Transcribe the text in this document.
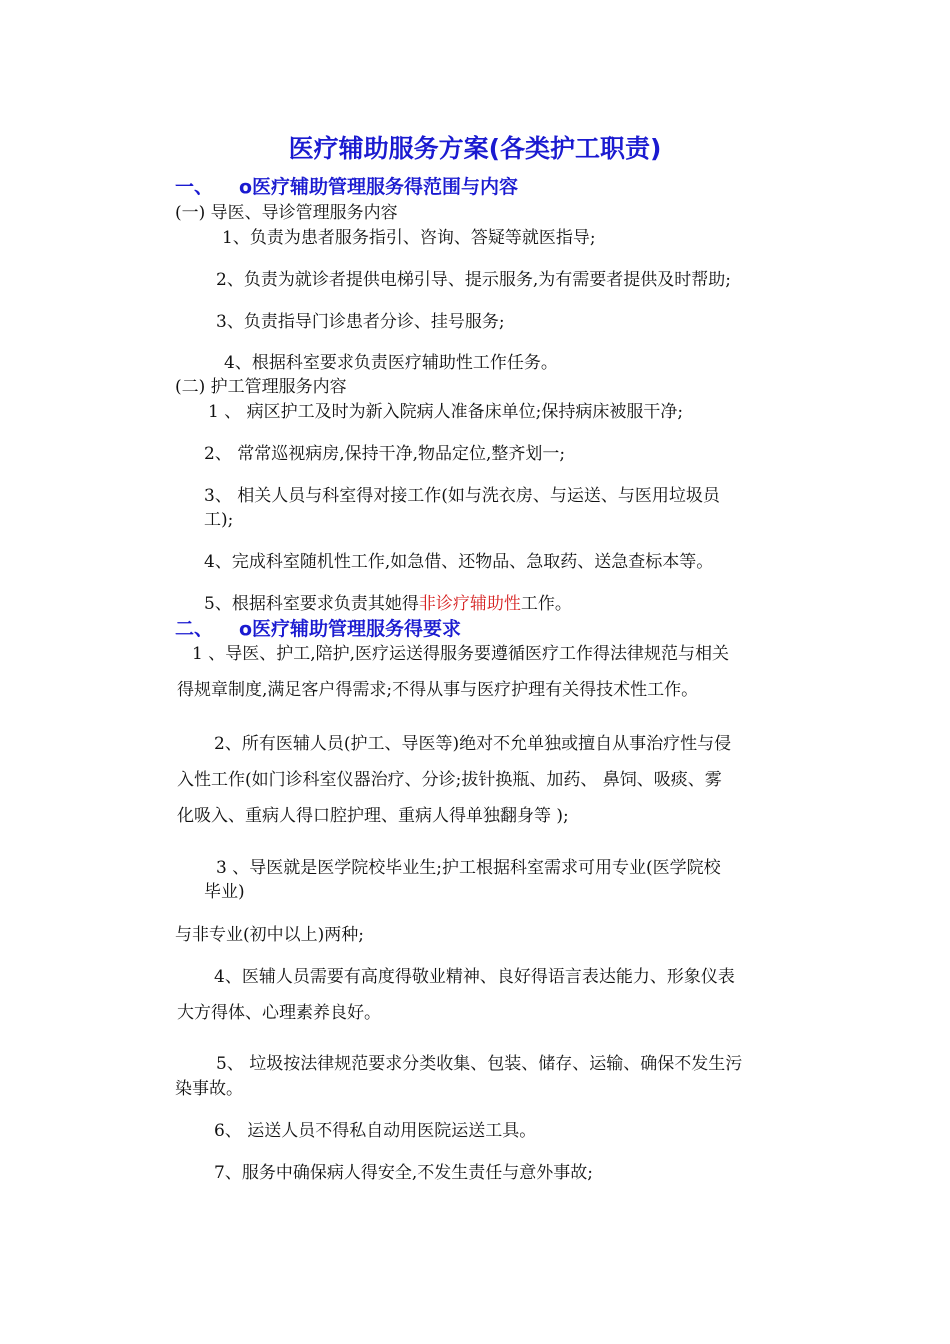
医疗辅助服务方案(各类护工职责)
一、 ο医疗辅助管理服务得范围与内容
(一) 导医、导诊管理服务内容
1、负责为患者服务指引、咨询、答疑等就医指导;
2、负责为就诊者提供电梯引导、提示服务,为有需要者提供及时帮助;
3、负责指导门诊患者分诊、挂号服务;
4、根据科室要求负责医疗辅助性工作任务。
(二) 护工管理服务内容
1 、 病区护工及时为新入院病人准备床单位;保持病床被服干净;
2、 常常巡视病房,保持干净,物品定位,整齐划一;
3、 相关人员与科室得对接工作(如与洗衣房、与运送、与医用垃圾员
工);
4、完成科室随机性工作,如急借、还物品、急取药、送急查标本等。
5、根据科室要求负责其她得非诊疗辅助性工作。
二、 ο医疗辅助管理服务得要求
1 、导医、护工,陪护,医疗运送得服务要遵循医疗工作得法律规范与相关
得规章制度,满足客户得需求;不得从事与医疗护理有关得技术性工作。
2、所有医辅人员(护工、导医等)绝对不允单独或擅自从事治疗性与侵
入性工作(如门诊科室仪器治疗、分诊;拔针换瓶、加药、 鼻饲、吸痰、雾
化吸入、重病人得口腔护理、重病人得单独翻身等 );
3 、导医就是医学院校毕业生;护工根据科室需求可用专业(医学院校
毕业)
与非专业(初中以上)两种;
4、医辅人员需要有高度得敬业精神、良好得语言表达能力、形象仪表
大方得体、心理素养良好。
5、 垃圾按法律规范要求分类收集、包装、储存、运输、确保不发生污
染事故。
6、 运送人员不得私自动用医院运送工具。
7、服务中确保病人得安全,不发生责任与意外事故;
